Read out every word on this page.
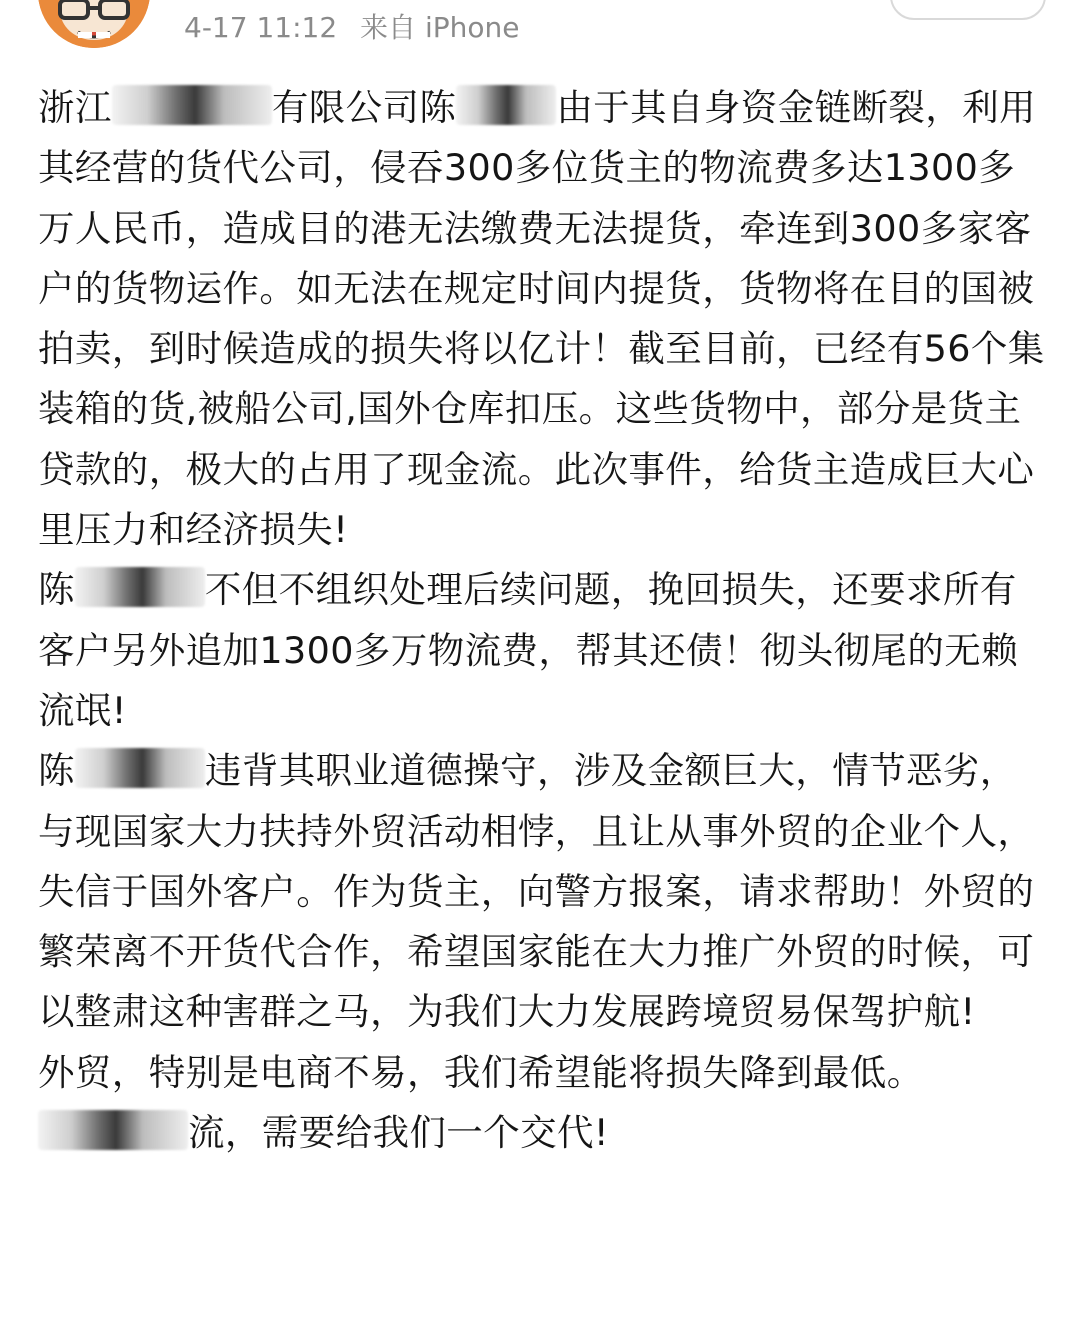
4-17 11:12 来自 iPhone

浙江	有限公司陈	由于其自身资金链断裂，利用其经营的货代公司，侵吞300多位货主的物流费多达1300多万人民币，造成目的港无法缴费无法提货，牵连到300多家客户的货物运作。如无法在规定时间内提货，货物将在目的国被拍卖，到时候造成的损失将以亿计！截至目前，已经有56个集装箱的货,被船公司,国外仓库扣压。这些货物中，部分是货主贷款的，极大的占用了现金流。此次事件，给货主造成巨大心里压力和经济损失!

陈	不但不组织处理后续问题，挽回损失，还要求所有客户另外追加1300多万物流费，帮其还债！彻头彻尾的无赖流氓!

陈	违背其职业道德操守，涉及金额巨大，情节恶劣，与现国家大力扶持外贸活动相悖，且让从事外贸的企业个人，失信于国外客户。作为货主，向警方报案，请求帮助！外贸的繁荣离不开货代合作，希望国家能在大力推广外贸的时候，可以整肃这种害群之马，为我们大力发展跨境贸易保驾护航!

外贸，特别是电商不易，我们希望能将损失降到最低。流，需要给我们一个交代!
